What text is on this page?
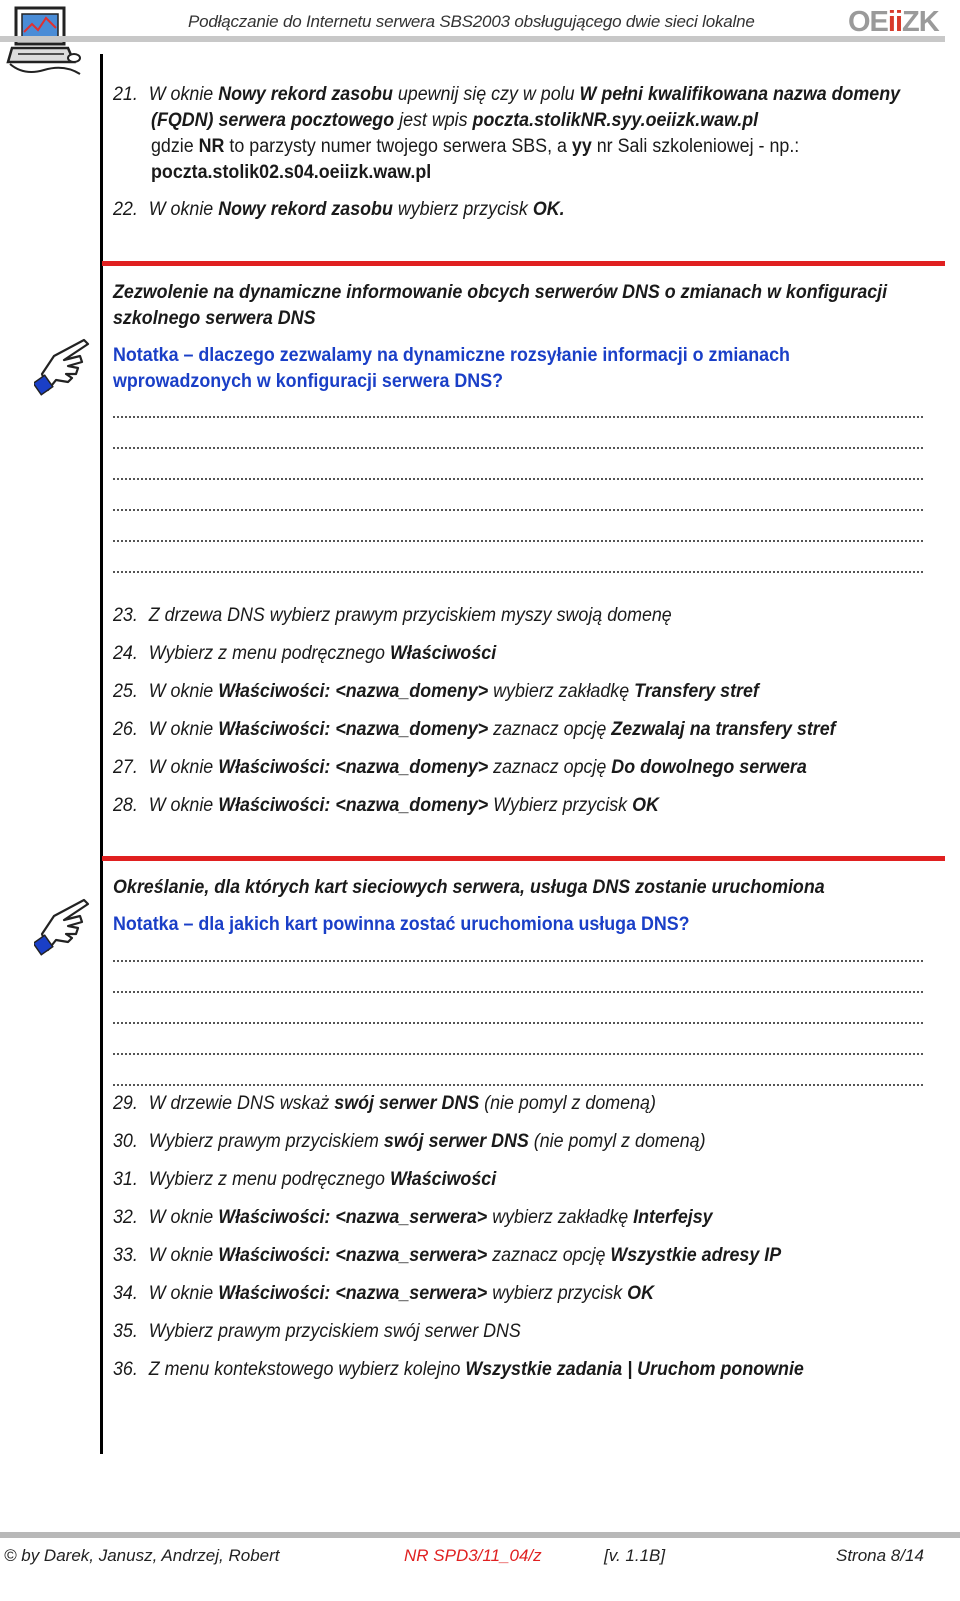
Podłączanie do Internetu serwera SBS2003 obsługującego dwie sieci lokalne	OEiiZK
21. W oknie Nowy rekord zasobu upewnij się czy w polu W pełni kwalifikowana nazwa domeny
(FQDN) serwera pocztowego jest wpis poczta.stolikNR.syy.oeiizk.waw.pl
gdzie NR to parzysty numer twojego serwera SBS, a yy nr Sali szkoleniowej - np.:
poczta.stolik02.s04.oeiizk.waw.pl
22. W oknie Nowy rekord zasobu wybierz przycisk OK.
Zezwolenie na dynamiczne informowanie obcych serwerów DNS o zmianach w konfiguracji
szkolnego serwera DNS
Notatka – dlaczego zezwalamy na dynamiczne rozsyłanie informacji o zmianach
wprowadzonych w konfiguracji serwera DNS?
23. Z drzewa DNS wybierz prawym przyciskiem myszy swoją domenę
24. Wybierz z menu podręcznego Właściwości
25. W oknie Właściwości: <nazwa_domeny> wybierz zakładkę Transfery stref
26. W oknie Właściwości: <nazwa_domeny> zaznacz opcję Zezwalaj na transfery stref
27. W oknie Właściwości: <nazwa_domeny> zaznacz opcję Do dowolnego serwera
28. W oknie Właściwości: <nazwa_domeny> Wybierz przycisk OK
Określanie, dla których kart sieciowych serwera, usługa DNS zostanie uruchomiona
Notatka – dla jakich kart powinna zostać uruchomiona usługa DNS?
29. W drzewie DNS wskaż swój serwer DNS (nie pomyl z domeną)
30. Wybierz prawym przyciskiem swój serwer DNS (nie pomyl z domeną)
31. Wybierz z menu podręcznego Właściwości
32. W oknie Właściwości: <nazwa_serwera> wybierz zakładkę Interfejsy
33. W oknie Właściwości: <nazwa_serwera> zaznacz opcję Wszystkie adresy IP
34. W oknie Właściwości: <nazwa_serwera> wybierz przycisk OK
35. Wybierz prawym przyciskiem swój serwer DNS
36. Z menu kontekstowego wybierz kolejno Wszystkie zadania | Uruchom ponownie
© by Darek, Janusz, Andrzej, Robert	NR SPD3/11_04/z	[v. 1.1B]	Strona 8/14
